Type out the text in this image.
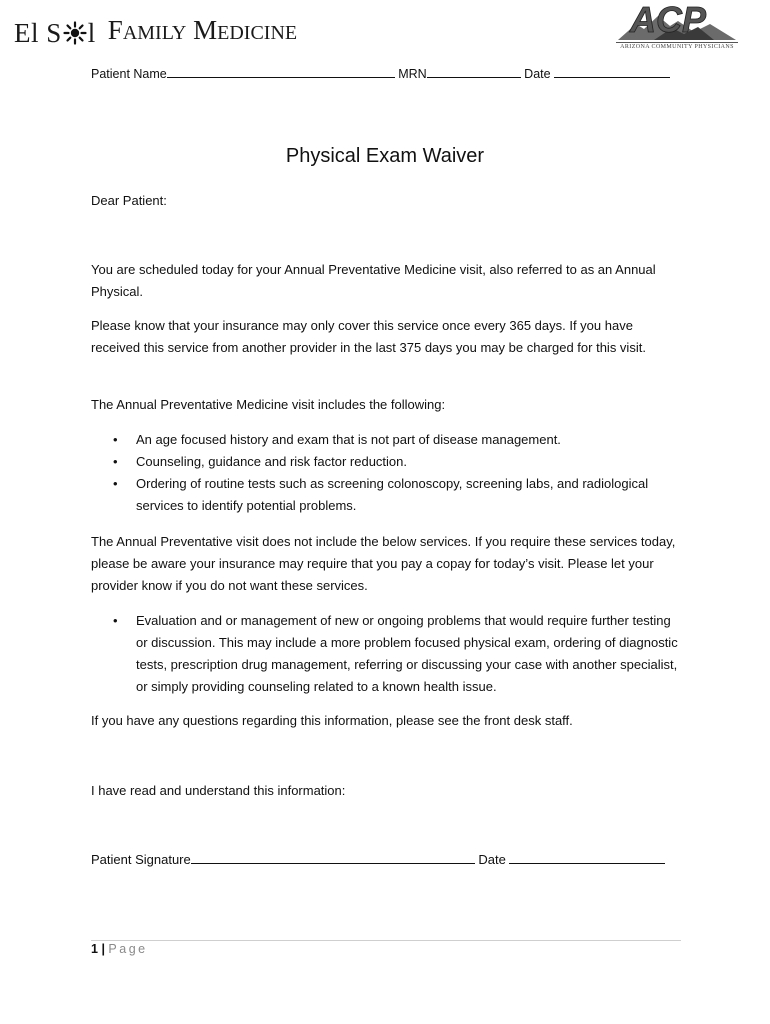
El S l FAMILY MEDICINE	ACP
ARIZONA COMMUNITY PHYSICIANS
Patient Name	MRN	Date
Physical Exam Waiver
Dear Patient:
You are scheduled today for your Annual Preventative Medicine visit, also referred to as an Annual Physical.
Please know that your insurance may only cover this service once every 365 days. If you have received this service from another provider in the last 375 days you may be charged for this visit.
The Annual Preventative Medicine visit includes the following:
• An age focused history and exam that is not part of disease management.
• Counseling, guidance and risk factor reduction.
• Ordering of routine tests such as screening colonoscopy, screening labs, and radiological services to identify potential problems.
The Annual Preventative visit does not include the below services. If you require these services today, please be aware your insurance may require that you pay a copay for today’s visit. Please let your provider know if you do not want these services.
• Evaluation and or management of new or ongoing problems that would require further testing or discussion. This may include a more problem focused physical exam, ordering of diagnostic tests, prescription drug management, referring or discussing your case with another specialist, or simply providing counseling related to a known health issue.
If you have any questions regarding this information, please see the front desk staff.
I have read and understand this information:
Patient Signature	Date
1 | Page
